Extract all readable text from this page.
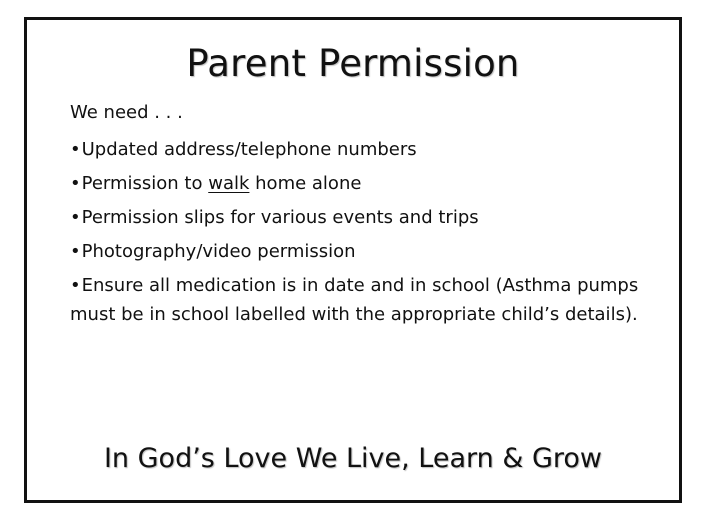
Parent Permission

We need . . .

•Updated address/telephone numbers
•Permission to walk home alone
•Permission slips for various events and trips
•Photography/video permission
•Ensure all medication is in date and in school (Asthma pumps must be in school labelled with the appropriate child’s details).

In God’s Love We Live, Learn & Grow
